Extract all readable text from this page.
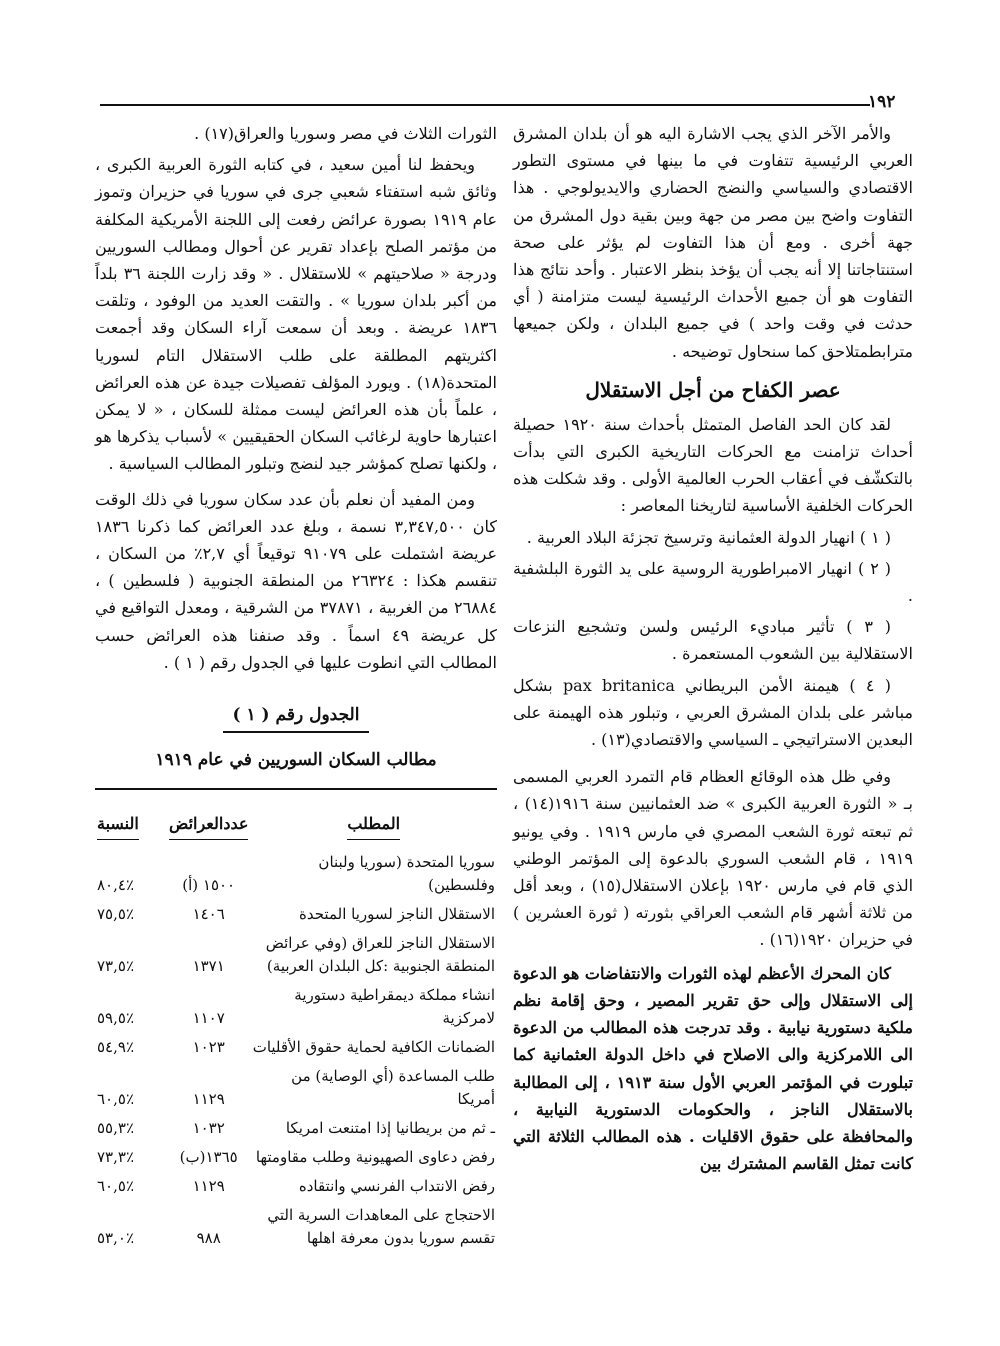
١٩٢

والأمر الآخر الذي يجب الاشارة اليه هو أن بلدان المشرق العربي الرئيسية تتفاوت في ما بينها في مستوى التطور الاقتصادي والسياسي والنضج الحضاري والايديولوجي . هذا التفاوت واضح بين مصر من جهة وبين بقية دول المشرق من جهة أخرى . ومع أن هذا التفاوت لم يؤثر على صحة استنتاجاتنا إلا أنه يجب أن يؤخذ بنظر الاعتبار . وأحد نتائج هذا التفاوت هو أن جميع الأحداث الرئيسية ليست متزامنة ( أي حدثت في وقت واحد ) في جميع البلدان ، ولكن جميعها مترابطمتلاحق كما سنحاول توضيحه .

عصر الكفاح من أجل الاستقلال

لقد كان الحد الفاصل المتمثل بأحداث سنة ١٩٢٠ حصيلة أحداث تزامنت مع الحركات التاريخية الكبرى التي بدأت بالتكشّف في أعقاب الحرب العالمية الأولى . وقد شكلت هذه الحركات الخلفية الأساسية لتاريخنا المعاصر :

( ١ ) انهيار الدولة العثمانية وترسيخ تجزئة البلاد العربية .

( ٢ ) انهيار الامبراطورية الروسية على يد الثورة البلشفية .

( ٣ ) تأثير مباديء الرئيس ولسن وتشجيع النزعات الاستقلالية بين الشعوب المستعمرة .

( ٤ ) هيمنة الأمن البريطاني pax britanica بشكل مباشر على بلدان المشرق العربي ، وتبلور هذه الهيمنة على البعدين الاستراتيجي ـ السياسي والاقتصادي(١٣) .

وفي ظل هذه الوقائع العظام قام التمرد العربي المسمى بـ « الثورة العربية الكبرى » ضد العثمانيين سنة ١٩١٦(١٤) ، ثم تبعته ثورة الشعب المصري في مارس ١٩١٩ . وفي يونيو ١٩١٩ ، قام الشعب السوري بالدعوة إلى المؤتمر الوطني الذي قام في مارس ١٩٢٠ بإعلان الاستقلال(١٥) ، وبعد أقل من ثلاثة أشهر قام الشعب العراقي بثورته ( ثورة العشرين ) في حزيران ١٩٢٠(١٦) .

كان المحرك الأعظم لهذه الثورات والانتفاضات هو الدعوة إلى الاستقلال وإلى حق تقرير المصير ، وحق إقامة نظم ملكية دستورية نيابية . وقد تدرجت هذه المطالب من الدعوة الى اللامركزية والى الاصلاح في داخل الدولة العثمانية كما تبلورت في المؤتمر العربي الأول سنة ١٩١٣ ، إلى المطالبة بالاستقلال الناجز ، والحكومات الدستورية النيابية ، والمحافظة على حقوق الاقليات . هذه المطالب الثلاثة التي كانت تمثل القاسم المشترك بين

الثورات الثلاث في مصر وسوريا والعراق(١٧) .

ويحفظ لنا أمين سعيد ، في كتابه الثورة العربية الكبرى ، وثائق شبه استفتاء شعبي جرى في سوريا في حزيران وتموز عام ١٩١٩ بصورة عرائض رفعت إلى اللجنة الأمريكية المكلفة من مؤتمر الصلح بإعداد تقرير عن أحوال ومطالب السوريين ودرجة « صلاحيتهم » للاستقلال . « وقد زارت اللجنة ٣٦ بلداً من أكبر بلدان سوريا » . والتقت العديد من الوفود ، وتلقت ١٨٣٦ عريضة . وبعد أن سمعت آراء السكان وقد أجمعت اكثريتهم المطلقة على طلب الاستقلال التام لسوريا المتحدة(١٨) . ويورد المؤلف تفصيلات جيدة عن هذه العرائض ، علماً بأن هذه العرائض ليست ممثلة للسكان ، « لا يمكن اعتبارها حاوية لرغائب السكان الحقيقيين » لأسباب يذكرها هو ، ولكنها تصلح كمؤشر جيد لنضج وتبلور المطالب السياسية .

ومن المفيد أن نعلم بأن عدد سكان سوريا في ذلك الوقت كان ٣,٣٤٧,٥٠٠ نسمة ، وبلغ عدد العرائض كما ذكرنا ١٨٣٦ عريضة اشتملت على ٩١٠٧٩ توقيعاً أي ٢,٧٪ من السكان ، تنقسم هكذا : ٢٦٣٢٤ من المنطقة الجنوبية ( فلسطين ) ، ٢٦٨٨٤ من الغربية ، ٣٧٨٧١ من الشرقية ، ومعدل التواقيع في كل عريضة ٤٩ اسماً . وقد صنفنا هذه العرائض حسب المطالب التي انطوت عليها في الجدول رقم ( ١ ) .

الجدول رقم ( ١ )
مطالب السكان السوريين في عام ١٩١٩
المطلب	عددالعرائض	النسبة
سوريا المتحدة (سوريا ولبنان وفلسطين)	١٥٠٠ (أ)	٪٨٠,٤
الاستقلال الناجز لسوريا المتحدة	١٤٠٦	٪٧٥,٥
الاستقلال الناجز للعراق (وفي عرائض المنطقة الجنوبية :كل البلدان العربية)	١٣٧١	٪٧٣,٥
انشاء مملكة ديمقراطية دستورية لامركزية	١١٠٧	٪٥٩,٥
الضمانات الكافية لحماية حقوق الأقليات	١٠٢٣	٪٥٤,٩
طلب المساعدة (أي الوصاية) من أمريكا	١١٢٩	٪٦٠,٥
ـ ثم من بريطانيا إذا امتنعت امريكا	١٠٣٢	٪٥٥,٣
رفض دعاوى الصهيونية وطلب مقاومتها	١٣٦٥(ب)	٪٧٣,٣
رفض الانتداب الفرنسي وانتقاده	١١٢٩	٪٦٠,٥
الاحتجاج على المعاهدات السرية التي تقسم سوريا بدون معرفة اهلها	٩٨٨	٪٥٣,٠
